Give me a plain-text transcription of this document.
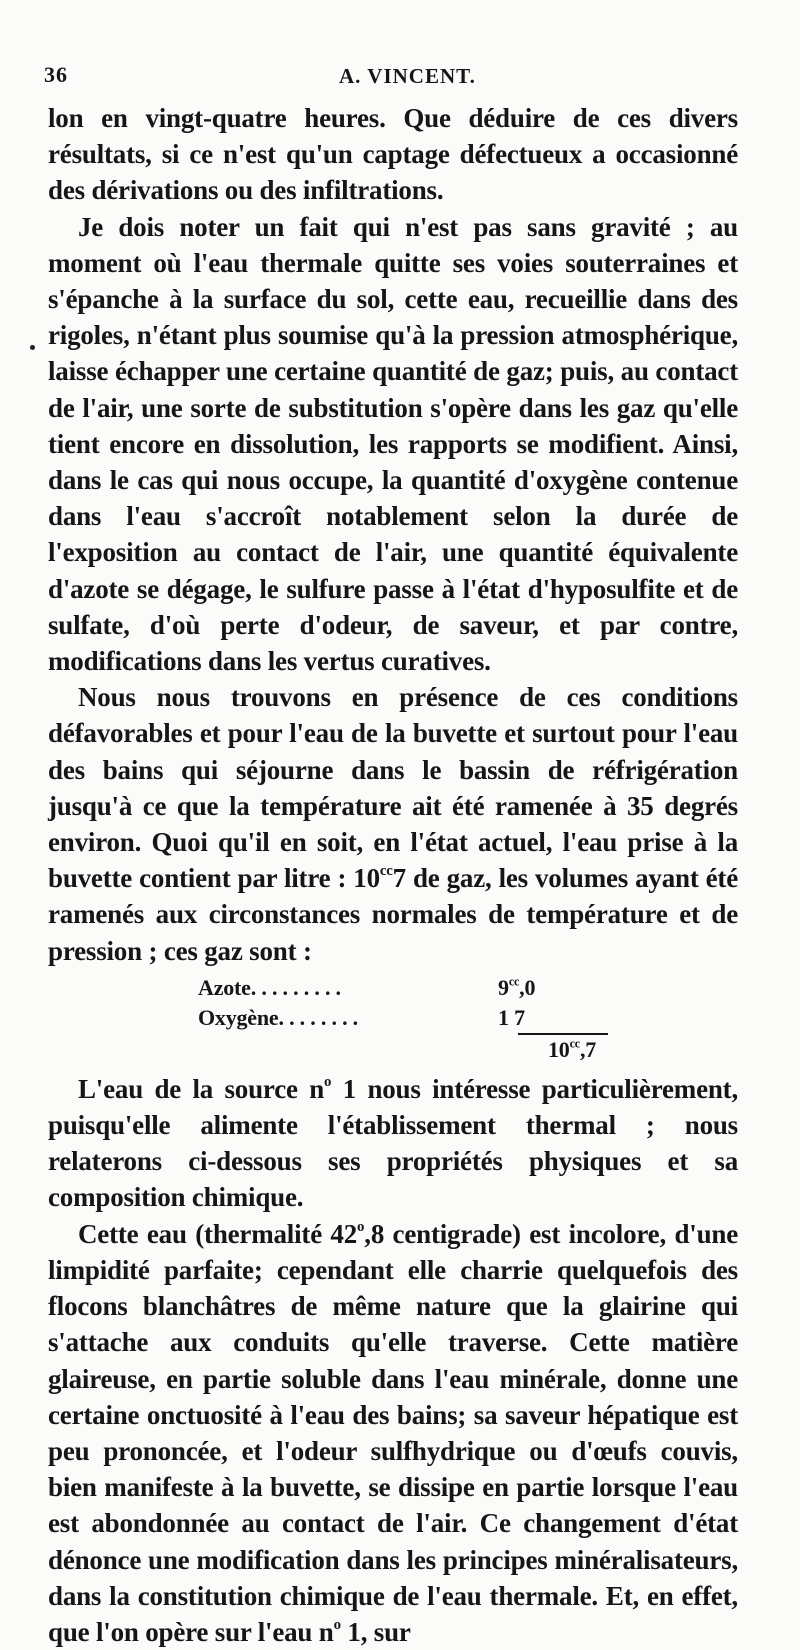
36	A. VINCENT.

lon en vingt-quatre heures. Que déduire de ces divers résultats, si ce n'est qu'un captage défectueux a occasionné des dérivations ou des infiltrations.

Je dois noter un fait qui n'est pas sans gravité ; au moment où l'eau thermale quitte ses voies souterraines et s'épanche à la surface du sol, cette eau, recueillie dans des rigoles, n'étant plus soumise qu'à la pression atmosphérique, laisse échapper une certaine quantité de gaz; puis, au contact de l'air, une sorte de substitution s'opère dans les gaz qu'elle tient encore en dissolution, les rapports se modifient. Ainsi, dans le cas qui nous occupe, la quantité d'oxygène contenue dans l'eau s'accroît notablement selon la durée de l'exposition au contact de l'air, une quantité équivalente d'azote se dégage, le sulfure passe à l'état d'hyposulfite et de sulfate, d'où perte d'odeur, de saveur, et par contre, modifications dans les vertus curatives.

Nous nous trouvons en présence de ces conditions défavorables et pour l'eau de la buvette et surtout pour l'eau des bains qui séjourne dans le bassin de réfrigération jusqu'à ce que la température ait été ramenée à 35 degrés environ. Quoi qu'il en soit, en l'état actuel, l'eau prise à la buvette contient par litre : $10^{cc}7$ de gaz, les volumes ayant été ramenés aux circonstances normales de température et de pression ; ces gaz sont :

Azote. . . . . . . . .	$9^{cc},0$
Oxygène. . . . . . . .	1 7
$10^{cc},7$

L'eau de la source $n^o$ 1 nous intéresse particulièrement, puisqu'elle alimente l'établissement thermal ; nous relaterons ci-dessous ses propriétés physiques et sa composition chimique.

Cette eau (thermalité 42$^o$,8 centigrade) est incolore, d'une limpidité parfaite; cependant elle charrie quelquefois des flocons blanchâtres de même nature que la glairine qui s'attache aux conduits qu'elle traverse. Cette matière glaireuse, en partie soluble dans l'eau minérale, donne une certaine onctuosité à l'eau des bains; sa saveur hépatique est peu prononcée, et l'odeur sulfhydrique ou d'œufs couvis, bien manifeste à la buvette, se dissipe en partie lorsque l'eau est abondonnée au contact de l'air. Ce changement d'état dénonce une modification dans les principes minéralisateurs, dans la constitution chimique de l'eau thermale. Et, en effet, que l'on opère sur l'eau $n^o$ 1, sur
